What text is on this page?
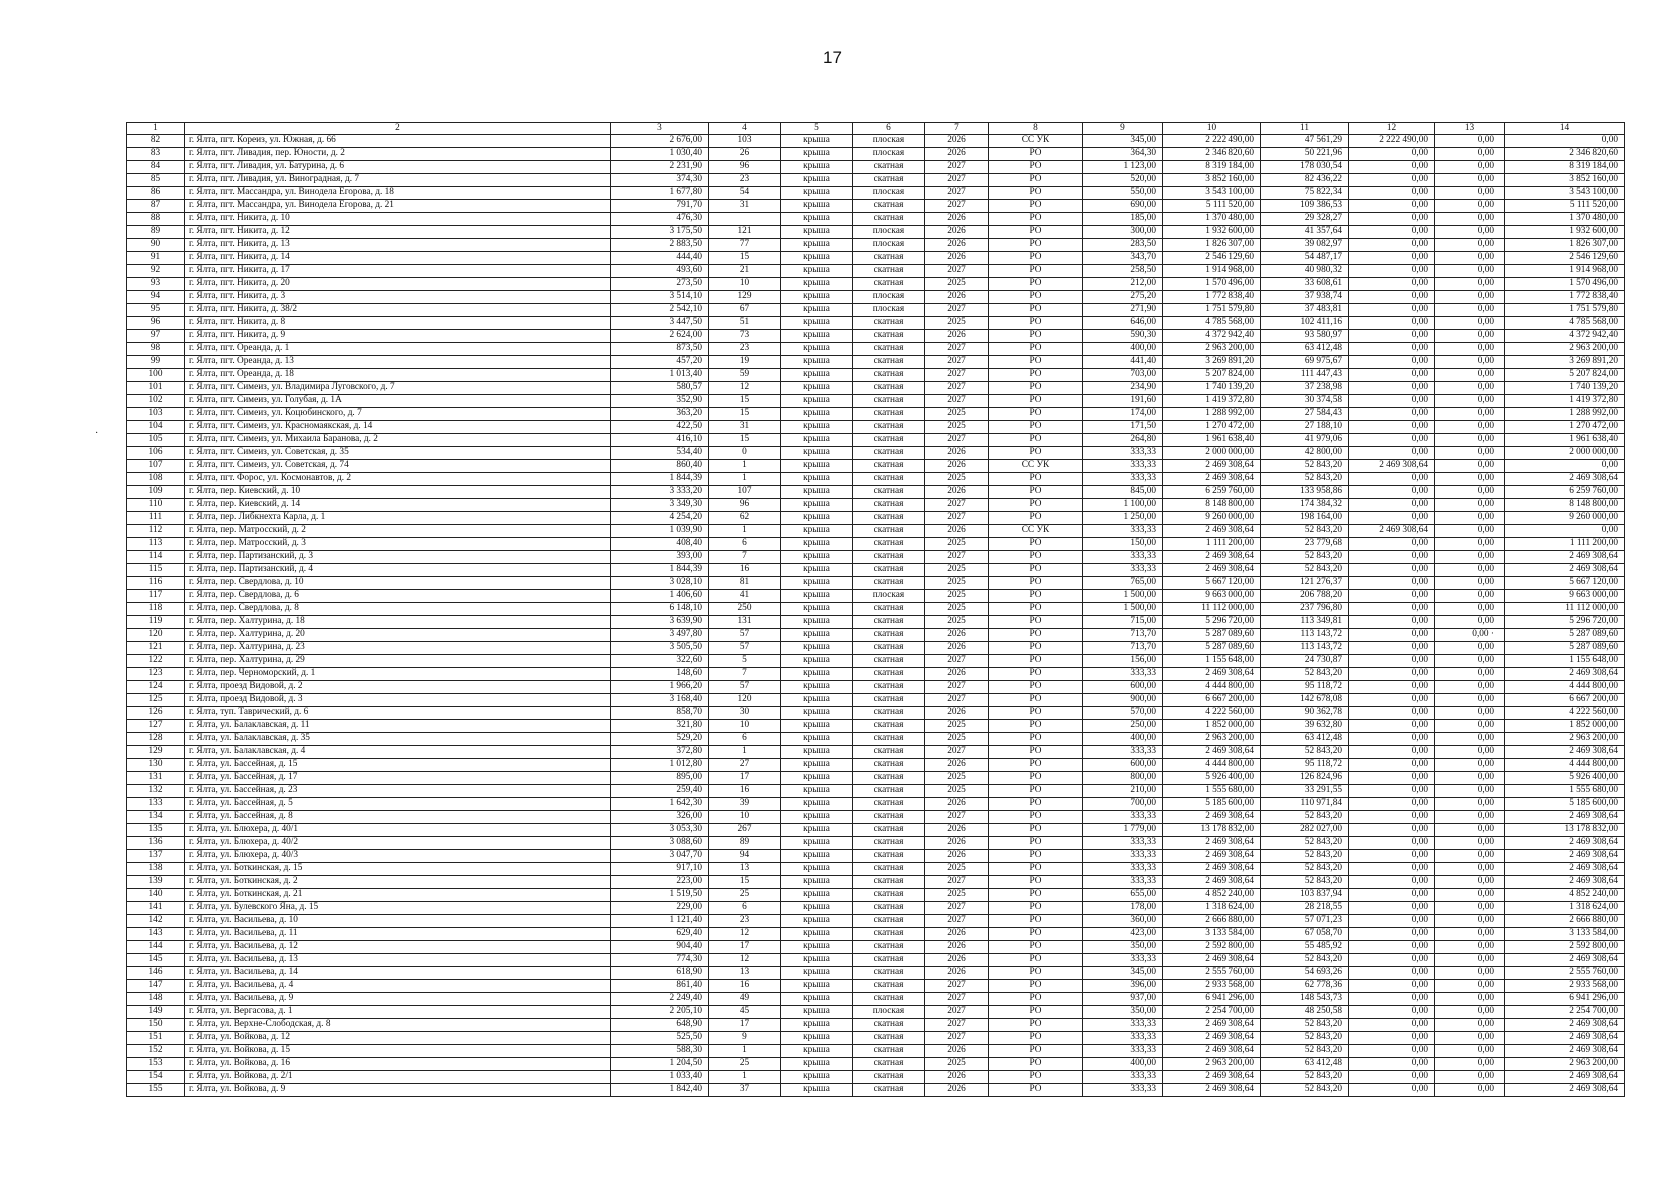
17
·
1	2	3	4	5	6	7	8	9	10	11	12	13	14
82	г. Ялта, пгт. Кореиз, ул. Южная, д. 66	2 676,00	103	крыша	плоская	2026	СС УК	345,00	2 222 490,00	47 561,29	2 222 490,00	0,00	0,00
83	г. Ялта, пгт. Ливадия, пер. Юности, д. 2	1 030,40	26	крыша	плоская	2026	РО	364,30	2 346 820,60	50 221,96	0,00	0,00	2 346 820,60
84	г. Ялта, пгт. Ливадия, ул. Батурина, д. 6	2 231,90	96	крыша	скатная	2027	РО	1 123,00	8 319 184,00	178 030,54	0,00	0,00	8 319 184,00
85	г. Ялта, пгт. Ливадия, ул. Виноградная, д. 7	374,30	23	крыша	скатная	2027	РО	520,00	3 852 160,00	82 436,22	0,00	0,00	3 852 160,00
86	г. Ялта, пгт. Массандра, ул. Винодела Егорова, д. 18	1 677,80	54	крыша	плоская	2027	РО	550,00	3 543 100,00	75 822,34	0,00	0,00	3 543 100,00
87	г. Ялта, пгт. Массандра, ул. Винодела Егорова, д. 21	791,70	31	крыша	скатная	2027	РО	690,00	5 111 520,00	109 386,53	0,00	0,00	5 111 520,00
88	г. Ялта, пгт. Никита, д. 10	476,30		крыша	скатная	2026	РО	185,00	1 370 480,00	29 328,27	0,00	0,00	1 370 480,00
89	г. Ялта, пгт. Никита, д. 12	3 175,50	121	крыша	плоская	2026	РО	300,00	1 932 600,00	41 357,64	0,00	0,00	1 932 600,00
90	г. Ялта, пгт. Никита, д. 13	2 883,50	77	крыша	плоская	2026	РО	283,50	1 826 307,00	39 082,97	0,00	0,00	1 826 307,00
91	г. Ялта, пгт. Никита, д. 14	444,40	15	крыша	скатная	2026	РО	343,70	2 546 129,60	54 487,17	0,00	0,00	2 546 129,60
92	г. Ялта, пгт. Никита, д. 17	493,60	21	крыша	скатная	2027	РО	258,50	1 914 968,00	40 980,32	0,00	0,00	1 914 968,00
93	г. Ялта, пгт. Никита, д. 20	273,50	10	крыша	скатная	2025	РО	212,00	1 570 496,00	33 608,61	0,00	0,00	1 570 496,00
94	г. Ялта, пгт. Никита, д. 3	3 514,10	129	крыша	плоская	2026	РО	275,20	1 772 838,40	37 938,74	0,00	0,00	1 772 838,40
95	г. Ялта, пгт. Никита, д. 38/2	2 542,10	67	крыша	плоская	2027	РО	271,90	1 751 579,80	37 483,81	0,00	0,00	1 751 579,80
96	г. Ялта, пгт. Никита, д. 8	3 447,50	51	крыша	скатная	2025	РО	646,00	4 785 568,00	102 411,16	0,00	0,00	4 785 568,00
97	г. Ялта, пгт. Никита, д. 9	2 624,00	73	крыша	скатная	2026	РО	590,30	4 372 942,40	93 580,97	0,00	0,00	4 372 942,40
98	г. Ялта, пгт. Ореанда, д. 1	873,50	23	крыша	скатная	2027	РО	400,00	2 963 200,00	63 412,48	0,00	0,00	2 963 200,00
99	г. Ялта, пгт. Ореанда, д. 13	457,20	19	крыша	скатная	2027	РО	441,40	3 269 891,20	69 975,67	0,00	0,00	3 269 891,20
100	г. Ялта, пгт. Ореанда, д. 18	1 013,40	59	крыша	скатная	2027	РО	703,00	5 207 824,00	111 447,43	0,00	0,00	5 207 824,00
101	г. Ялта, пгт. Симеиз, ул. Владимира Луговского, д. 7	580,57	12	крыша	скатная	2027	РО	234,90	1 740 139,20	37 238,98	0,00	0,00	1 740 139,20
102	г. Ялта, пгт. Симеиз, ул. Голубая, д. 1А	352,90	15	крыша	скатная	2027	РО	191,60	1 419 372,80	30 374,58	0,00	0,00	1 419 372,80
103	г. Ялта, пгт. Симеиз, ул. Коцюбинского, д. 7	363,20	15	крыша	скатная	2025	РО	174,00	1 288 992,00	27 584,43	0,00	0,00	1 288 992,00
104	г. Ялта, пгт. Симеиз, ул. Красномаякская, д. 14	422,50	31	крыша	скатная	2025	РО	171,50	1 270 472,00	27 188,10	0,00	0,00	1 270 472,00
105	г. Ялта, пгт. Симеиз, ул. Михаила Баранова, д. 2	416,10	15	крыша	скатная	2027	РО	264,80	1 961 638,40	41 979,06	0,00	0,00	1 961 638,40
106	г. Ялта, пгт. Симеиз, ул. Советская, д. 35	534,40	0	крыша	скатная	2026	РО	333,33	2 000 000,00	42 800,00	0,00	0,00	2 000 000,00
107	г. Ялта, пгт. Симеиз, ул. Советская, д. 74	860,40	1	крыша	скатная	2026	СС УК	333,33	2 469 308,64	52 843,20	2 469 308,64	0,00	0,00
108	г. Ялта, пгт. Форос, ул. Космонавтов, д. 2	1 844,39	1	крыша	скатная	2025	РО	333,33	2 469 308,64	52 843,20	0,00	0,00	2 469 308,64
109	г. Ялта, пер. Киевский, д. 10	3 333,20	107	крыша	скатная	2026	РО	845,00	6 259 760,00	133 958,86	0,00	0,00	6 259 760,00
110	г. Ялта, пер. Киевский, д. 14	3 349,30	96	крыша	скатная	2027	РО	1 100,00	8 148 800,00	174 384,32	0,00	0,00	8 148 800,00
111	г. Ялта, пер. Либкнехта Карла, д. 1	4 254,20	62	крыша	скатная	2027	РО	1 250,00	9 260 000,00	198 164,00	0,00	0,00	9 260 000,00
112	г. Ялта, пер. Матросский, д. 2	1 039,90	1	крыша	скатная	2026	СС УК	333,33	2 469 308,64	52 843,20	2 469 308,64	0,00	0,00
113	г. Ялта, пер. Матросский, д. 3	408,40	6	крыша	скатная	2025	РО	150,00	1 111 200,00	23 779,68	0,00	0,00	1 111 200,00
114	г. Ялта, пер. Партизанский, д. 3	393,00	7	крыша	скатная	2027	РО	333,33	2 469 308,64	52 843,20	0,00	0,00	2 469 308,64
115	г. Ялта, пер. Партизанский, д. 4	1 844,39	16	крыша	скатная	2025	РО	333,33	2 469 308,64	52 843,20	0,00	0,00	2 469 308,64
116	г. Ялта, пер. Свердлова, д. 10	3 028,10	81	крыша	скатная	2025	РО	765,00	5 667 120,00	121 276,37	0,00	0,00	5 667 120,00
117	г. Ялта, пер. Свердлова, д. 6	1 406,60	41	крыша	плоская	2025	РО	1 500,00	9 663 000,00	206 788,20	0,00	0,00	9 663 000,00
118	г. Ялта, пер. Свердлова, д. 8	6 148,10	250	крыша	скатная	2025	РО	1 500,00	11 112 000,00	237 796,80	0,00	0,00	11 112 000,00
119	г. Ялта, пер. Халтурина, д. 18	3 639,90	131	крыша	скатная	2025	РО	715,00	5 296 720,00	113 349,81	0,00	0,00	5 296 720,00
120	г. Ялта, пер. Халтурина, д. 20	3 497,80	57	крыша	скатная	2026	РО	713,70	5 287 089,60	113 143,72	0,00	0,00 ·	5 287 089,60
121	г. Ялта, пер. Халтурина, д. 23	3 505,50	57	крыша	скатная	2026	РО	713,70	5 287 089,60	113 143,72	0,00	0,00	5 287 089,60
122	г. Ялта, пер. Халтурина, д. 29	322,60	5	крыша	скатная	2027	РО	156,00	1 155 648,00	24 730,87	0,00	0,00	1 155 648,00
123	г. Ялта, пер. Черноморский, д. 1	148,60	7	крыша	скатная	2026	РО	333,33	2 469 308,64	52 843,20	0,00	0,00	2 469 308,64
124	г. Ялта, проезд Видовой, д. 2	1 966,20	57	крыша	скатная	2027	РО	600,00	4 444 800,00	95 118,72	0,00	0,00	4 444 800,00
125	г. Ялта, проезд Видовой, д. 3	3 168,40	120	крыша	скатная	2027	РО	900,00	6 667 200,00	142 678,08	0,00	0,00	6 667 200,00
126	г. Ялта, туп. Таврический, д. 6	858,70	30	крыша	скатная	2026	РО	570,00	4 222 560,00	90 362,78	0,00	0,00	4 222 560,00
127	г. Ялта, ул. Балаклавская, д. 11	321,80	10	крыша	скатная	2025	РО	250,00	1 852 000,00	39 632,80	0,00	0,00	1 852 000,00
128	г. Ялта, ул. Балаклавская, д. 35	529,20	6	крыша	скатная	2025	РО	400,00	2 963 200,00	63 412,48	0,00	0,00	2 963 200,00
129	г. Ялта, ул. Балаклавская, д. 4	372,80	1	крыша	скатная	2027	РО	333,33	2 469 308,64	52 843,20	0,00	0,00	2 469 308,64
130	г. Ялта, ул. Бассейная, д. 15	1 012,80	27	крыша	скатная	2026	РО	600,00	4 444 800,00	95 118,72	0,00	0,00	4 444 800,00
131	г. Ялта, ул. Бассейная, д. 17	895,00	17	крыша	скатная	2025	РО	800,00	5 926 400,00	126 824,96	0,00	0,00	5 926 400,00
132	г. Ялта, ул. Бассейная, д. 23	259,40	16	крыша	скатная	2025	РО	210,00	1 555 680,00	33 291,55	0,00	0,00	1 555 680,00
133	г. Ялта, ул. Бассейная, д. 5	1 642,30	39	крыша	скатная	2026	РО	700,00	5 185 600,00	110 971,84	0,00	0,00	5 185 600,00
134	г. Ялта, ул. Бассейная, д. 8	326,00	10	крыша	скатная	2027	РО	333,33	2 469 308,64	52 843,20	0,00	0,00	2 469 308,64
135	г. Ялта, ул. Блюхера, д. 40/1	3 053,30	267	крыша	скатная	2026	РО	1 779,00	13 178 832,00	282 027,00	0,00	0,00	13 178 832,00
136	г. Ялта, ул. Блюхера, д. 40/2	3 088,60	89	крыша	скатная	2026	РО	333,33	2 469 308,64	52 843,20	0,00	0,00	2 469 308,64
137	г. Ялта, ул. Блюхера, д. 40/3	3 047,70	94	крыша	скатная	2026	РО	333,33	2 469 308,64	52 843,20	0,00	0,00	2 469 308,64
138	г. Ялта, ул. Боткинская, д. 15	917,10	13	крыша	скатная	2025	РО	333,33	2 469 308,64	52 843,20	0,00	0,00	2 469 308,64
139	г. Ялта, ул. Боткинская, д. 2	223,00	15	крыша	скатная	2027	РО	333,33	2 469 308,64	52 843,20	0,00	0,00	2 469 308,64
140	г. Ялта, ул. Боткинская, д. 21	1 519,50	25	крыша	скатная	2025	РО	655,00	4 852 240,00	103 837,94	0,00	0,00	4 852 240,00
141	г. Ялта, ул. Булевского Яна, д. 15	229,00	6	крыша	скатная	2027	РО	178,00	1 318 624,00	28 218,55	0,00	0,00	1 318 624,00
142	г. Ялта, ул. Васильева, д. 10	1 121,40	23	крыша	скатная	2027	РО	360,00	2 666 880,00	57 071,23	0,00	0,00	2 666 880,00
143	г. Ялта, ул. Васильева, д. 11	629,40	12	крыша	скатная	2026	РО	423,00	3 133 584,00	67 058,70	0,00	0,00	3 133 584,00
144	г. Ялта, ул. Васильева, д. 12	904,40	17	крыша	скатная	2026	РО	350,00	2 592 800,00	55 485,92	0,00	0,00	2 592 800,00
145	г. Ялта, ул. Васильева, д. 13	774,30	12	крыша	скатная	2026	РО	333,33	2 469 308,64	52 843,20	0,00	0,00	2 469 308,64
146	г. Ялта, ул. Васильева, д. 14	618,90	13	крыша	скатная	2026	РО	345,00	2 555 760,00	54 693,26	0,00	0,00	2 555 760,00
147	г. Ялта, ул. Васильева, д. 4	861,40	16	крыша	скатная	2027	РО	396,00	2 933 568,00	62 778,36	0,00	0,00	2 933 568,00
148	г. Ялта, ул. Васильева, д. 9	2 249,40	49	крыша	скатная	2027	РО	937,00	6 941 296,00	148 543,73	0,00	0,00	6 941 296,00
149	г. Ялта, ул. Вергасова, д. 1	2 205,10	45	крыша	плоская	2027	РО	350,00	2 254 700,00	48 250,58	0,00	0,00	2 254 700,00
150	г. Ялта, ул. Верхне-Слободская, д. 8	648,90	17	крыша	скатная	2027	РО	333,33	2 469 308,64	52 843,20	0,00	0,00	2 469 308,64
151	г. Ялта, ул. Войкова, д. 12	525,50	9	крыша	скатная	2027	РО	333,33	2 469 308,64	52 843,20	0,00	0,00	2 469 308,64
152	г. Ялта, ул. Войкова, д. 15	588,30	1	крыша	скатная	2026	РО	333,33	2 469 308,64	52 843,20	0,00	0,00	2 469 308,64
153	г. Ялта, ул. Войкова, д. 16	1 204,50	25	крыша	скатная	2025	РО	400,00	2 963 200,00	63 412,48	0,00	0,00	2 963 200,00
154	г. Ялта, ул. Войкова, д. 2/1	1 033,40	1	крыша	скатная	2026	РО	333,33	2 469 308,64	52 843,20	0,00	0,00	2 469 308,64
155	г. Ялта, ул. Войкова, д. 9	1 842,40	37	крыша	скатная	2026	РО	333,33	2 469 308,64	52 843,20	0,00	0,00	2 469 308,64
